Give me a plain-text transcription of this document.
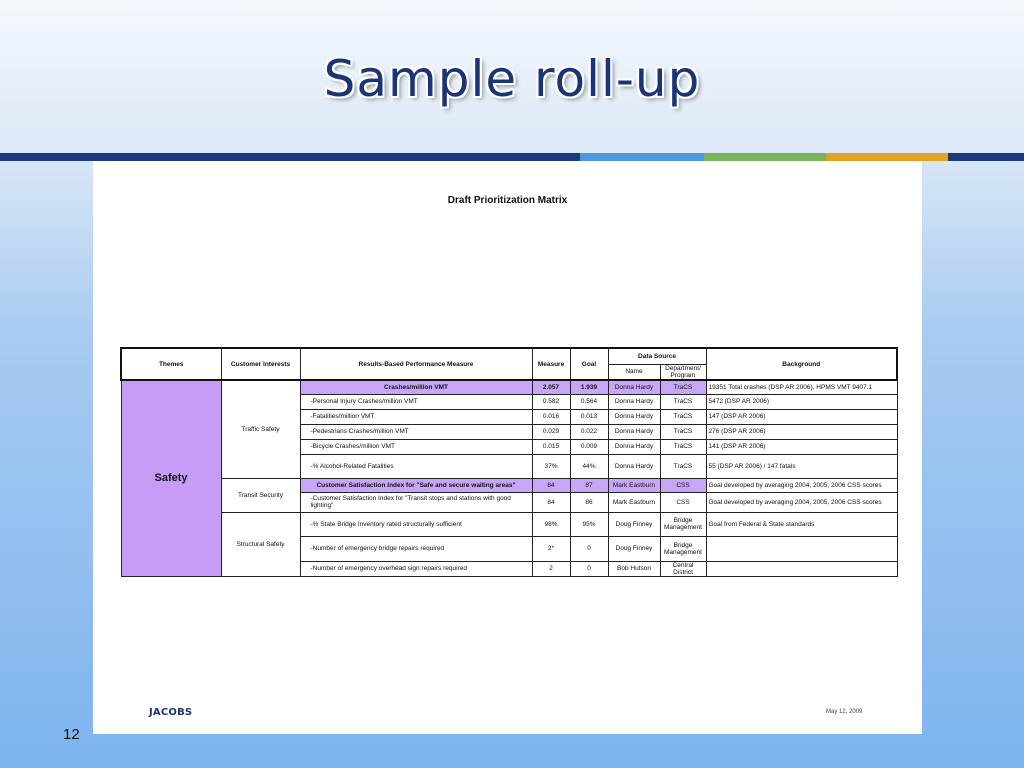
Sample roll-up
Draft Prioritization Matrix
Themes	Customer Interests	Results-Based Performance Measure	Measure	Goal	Data Source		Background
					Name	Department/ Program	
Safety	Traffic Safety	Crashes/million VMT	2.057	1.939	Donna Hardy	TraCS	19351 Total crashes (DSP AR 2006), HPMS VMT 9407.1
		-Personal Injury Crashes/million VMT	0.582	0.564	Donna Hardy	TraCS	5472 (DSP AR 2006)
		-Fatalities/million VMT	0.016	0.013	Donna Hardy	TraCS	147 (DSP AR 2006)
		-Pedestrians Crashes/million VMT	0.029	0.022	Donna Hardy	TraCS	276 (DSP AR 2006)
		-Bicycle Crashes/million VMT	0.015	0.009	Donna Hardy	TraCS	141 (DSP AR 2006)
		-% Alcohol-Related Fatalities	37%	44%	Donna Hardy	TraCS	55 (DSP AR 2006) / 147 fatals
	Transit Security	Customer Satisfaction Index for "Safe and secure waiting areas"	84	87	Mark Eastburn	CSS	Goal developed by averaging 2004, 2005, 2006 CSS scores
		-Customer Satisfaction Index for "Transit stops and stations with good lighting"	84	86	Mark Eastburn	CSS	Goal developed by averaging 2004, 2005, 2006 CSS scores
	Structural Safety	-% State Bridge Inventory rated structurally sufficient	98%	95%	Doug Finney	Bridge Management	Goal from Federal & State standards
		-Number of emergency bridge repairs required	2*	0	Doug Finney	Bridge Management	
		-Number of emergency overhead sign repairs required	2	0	Bob Hutson	Central District	
JACOBS	May 12, 2009
12
